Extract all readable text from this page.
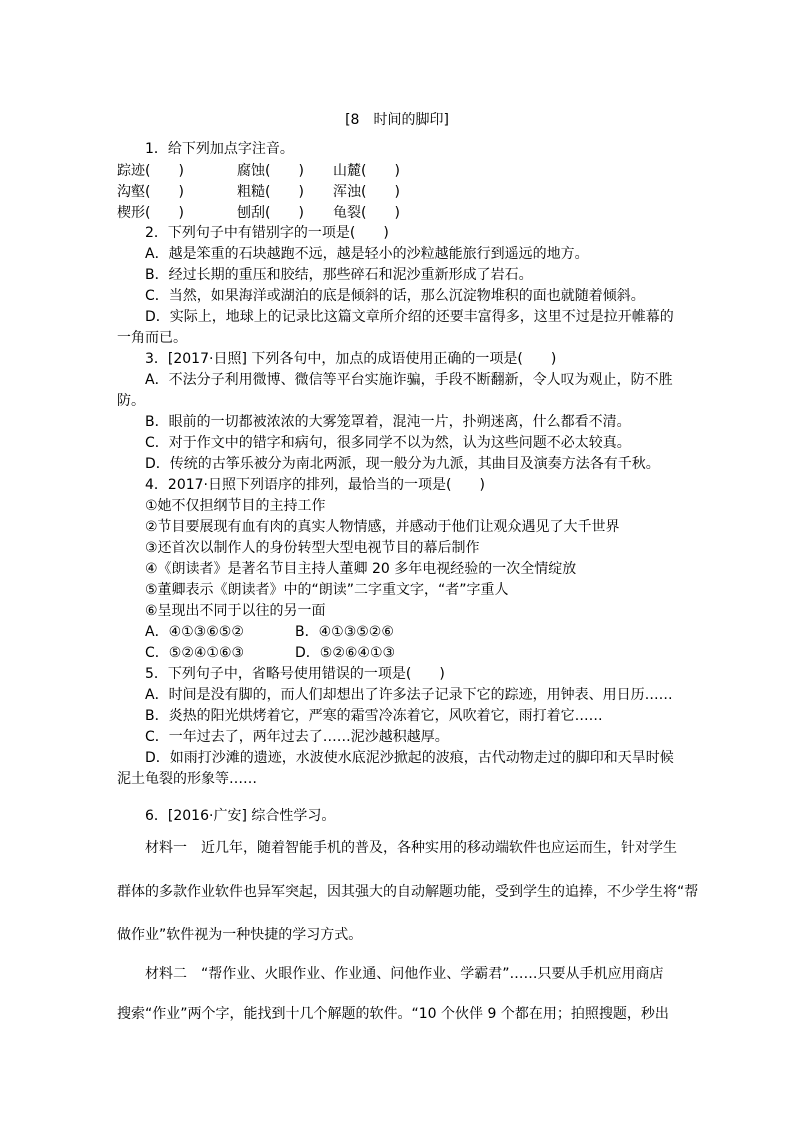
[8　时间的脚印]
1．给下列加点字注音。
踪迹(　　)	腐蚀(　　) 山麓(　　)
沟壑(　　)	粗糙(　　) 浑浊(　　)
楔形(　　)	刨刮(　　) 龟裂(　　)
2．下列句子中有错别字的一项是(　　)
A．越是笨重的石块越跑不远，越是轻小的沙粒越能旅行到遥远的地方。
B．经过长期的重压和胶结，那些碎石和泥沙重新形成了岩石。
C．当然，如果海洋或湖泊的底是倾斜的话，那么沉淀物堆积的面也就随着倾斜。
D．实际上，地球上的记录比这篇文章所介绍的还要丰富得多，这里不过是拉开帷幕的
一角而已。
3．[2017·日照] 下列各句中，加点的成语使用正确的一项是(　　)
A．不法分子利用微博、微信等平台实施诈骗，手段不断翻新，令人叹为观止，防不胜
防。
B．眼前的一切都被浓浓的大雾笼罩着，混沌一片，扑朔迷离，什么都看不清。
C．对于作文中的错字和病句，很多同学不以为然，认为这些问题不必太较真。
D．传统的古筝乐被分为南北两派，现一般分为九派，其曲目及演奏方法各有千秋。
4．2017·日照下列语序的排列，最恰当的一项是(　　)
①她不仅担纲节目的主持工作
②节目要展现有血有肉的真实人物情感，并感动于他们让观众遇见了大千世界
③还首次以制作人的身份转型大型电视节目的幕后制作
④《朗读者》是著名节目主持人董卿 20 多年电视经验的一次全情绽放
⑤董卿表示《朗读者》中的“朗读”二字重文字，“者”字重人
⑥呈现出不同于以往的另一面
A．④①③⑥⑤②	B．④①③⑤②⑥
C．⑤②④①⑥③	D．⑤②⑥④①③
5．下列句子中，省略号使用错误的一项是(　　)
A．时间是没有脚的，而人们却想出了许多法子记录下它的踪迹，用钟表、用日历……
B．炎热的阳光烘烤着它，严寒的霜雪冷冻着它，风吹着它，雨打着它……
C．一年过去了，两年过去了……泥沙越积越厚。
D．如雨打沙滩的遗迹，水波使水底泥沙掀起的波痕，古代动物走过的脚印和天旱时候
泥土龟裂的形象等……
6．[2016·广安] 综合性学习。
材料一　近几年，随着智能手机的普及，各种实用的移动端软件也应运而生，针对学生
群体的多款作业软件也异军突起，因其强大的自动解题功能，受到学生的追捧，不少学生将“帮
做作业”软件视为一种快捷的学习方式。
材料二　“帮作业、火眼作业、作业通、问他作业、学霸君”……只要从手机应用商店
搜索“作业”两个字，能找到十几个解题的软件。“10 个伙伴 9 个都在用；拍照搜题，秒出
